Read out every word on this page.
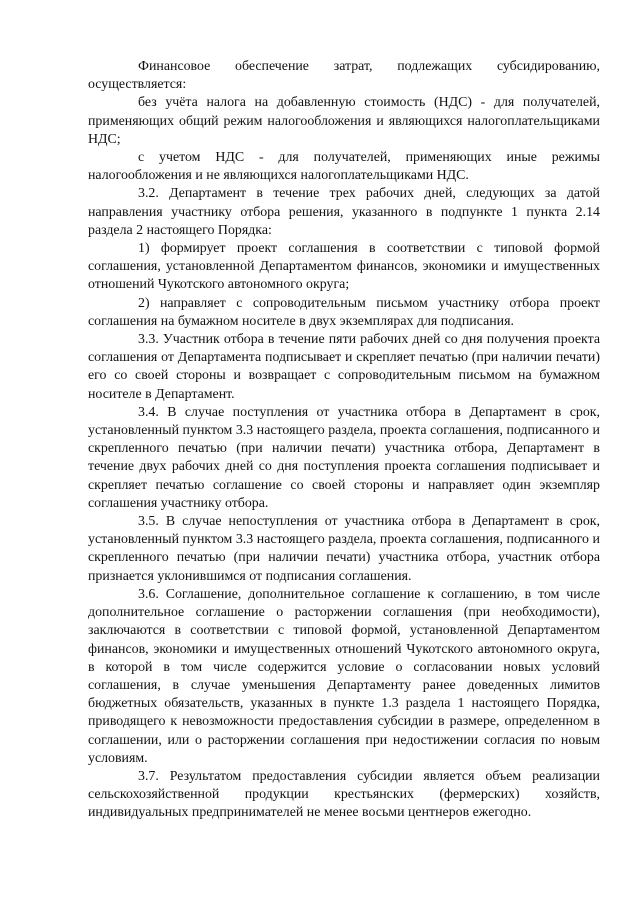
Финансовое обеспечение затрат, подлежащих субсидированию, осуществляется:

без учёта налога на добавленную стоимость (НДС) - для получателей, применяющих общий режим налогообложения и являющихся налогоплательщиками НДС;

с учетом НДС - для получателей, применяющих иные режимы налогообложения и не являющихся налогоплательщиками НДС.

3.2. Департамент в течение трех рабочих дней, следующих за датой направления участнику отбора решения, указанного в подпункте 1 пункта 2.14 раздела 2 настоящего Порядка:

1) формирует проект соглашения в соответствии с типовой формой соглашения, установленной Департаментом финансов, экономики и имущественных отношений Чукотского автономного округа;

2) направляет с сопроводительным письмом участнику отбора проект соглашения на бумажном носителе в двух экземплярах для подписания.

3.3. Участник отбора в течение пяти рабочих дней со дня получения проекта соглашения от Департамента подписывает и скрепляет печатью (при наличии печати) его со своей стороны и возвращает с сопроводительным письмом на бумажном носителе в Департамент.

3.4. В случае поступления от участника отбора в Департамент в срок, установленный пунктом 3.3 настоящего раздела, проекта соглашения, подписанного и скрепленного печатью (при наличии печати) участника отбора, Департамент в течение двух рабочих дней со дня поступления проекта соглашения подписывает и скрепляет печатью соглашение со своей стороны и направляет один экземпляр соглашения участнику отбора.

3.5. В случае непоступления от участника отбора в Департамент в срок, установленный пунктом 3.3 настоящего раздела, проекта соглашения, подписанного и скрепленного печатью (при наличии печати) участника отбора, участник отбора признается уклонившимся от подписания соглашения.

3.6. Соглашение, дополнительное соглашение к соглашению, в том числе дополнительное соглашение о расторжении соглашения (при необходимости), заключаются в соответствии с типовой формой, установленной Департаментом финансов, экономики и имущественных отношений Чукотского автономного округа, в которой в том числе содержится условие о согласовании новых условий соглашения, в случае уменьшения Департаменту ранее доведенных лимитов бюджетных обязательств, указанных в пункте 1.3 раздела 1 настоящего Порядка, приводящего к невозможности предоставления субсидии в размере, определенном в соглашении, или о расторжении соглашения при недостижении согласия по новым условиям.

3.7. Результатом предоставления субсидии является объем реализации сельскохозяйственной продукции крестьянских (фермерских) хозяйств, индивидуальных предпринимателей не менее восьми центнеров ежегодно.
